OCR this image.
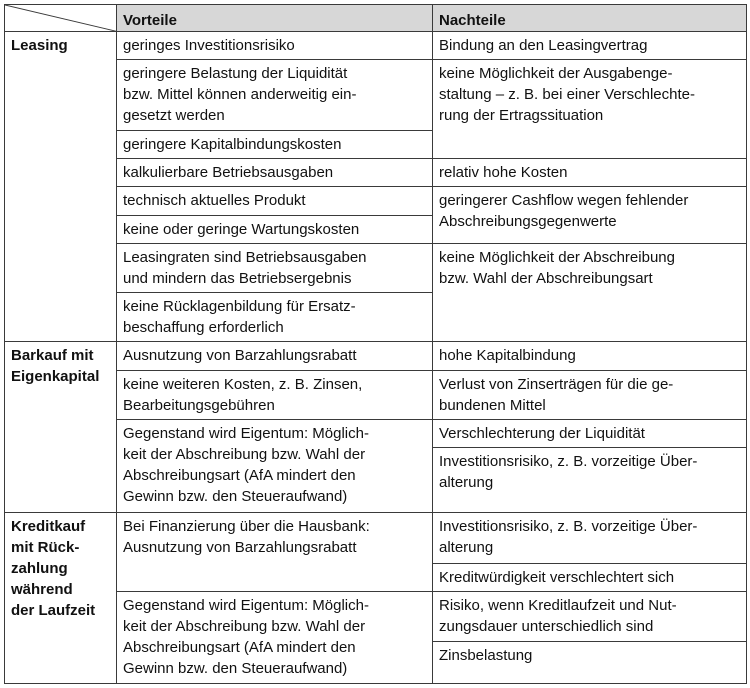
	Vorteile	Nachteile

Leasing	geringes Investitionsrisiko	Bindung an den Leasingvertrag

	geringere Belastung der Liquidität
bzw. Mittel können anderweitig ein-
gesetzt werden	keine Möglichkeit der Ausgabenge-
staltung – z. B. bei einer Verschlechte-
rung der Ertragssituation

	geringere Kapitalbindungskosten	

	kalkulierbare Betriebsausgaben	relativ hohe Kosten

	technisch aktuelles Produkt	geringerer Cashflow wegen fehlender
Abschreibungsgegenwerte

	keine oder geringe Wartungskosten	

	Leasingraten sind Betriebsausgaben
und mindern das Betriebsergebnis	keine Möglichkeit der Abschreibung
bzw. Wahl der Abschreibungsart

	keine Rücklagenbildung für Ersatz-
beschaffung erforderlich	

Barkauf mit
Eigenkapital	Ausnutzung von Barzahlungsrabatt	hohe Kapitalbindung

	keine weiteren Kosten, z. B. Zinsen,
Bearbeitungsgebühren	Verlust von Zinserträgen für die ge-
bundenen Mittel

	Gegenstand wird Eigentum: Möglich-
keit der Abschreibung bzw. Wahl der
Abschreibungsart (AfA mindert den
Gewinn bzw. den Steueraufwand)	Verschlechterung der Liquidität

		Investitionsrisiko, z. B. vorzeitige Über-
alterung

Kreditkauf
mit Rück-
zahlung
während
der Laufzeit	Bei Finanzierung über die Hausbank:
Ausnutzung von Barzahlungsrabatt	Investitionsrisiko, z. B. vorzeitige Über-
alterung

		Kreditwürdigkeit verschlechtert sich

	Gegenstand wird Eigentum: Möglich-
keit der Abschreibung bzw. Wahl der
Abschreibungsart (AfA mindert den
Gewinn bzw. den Steueraufwand)	Risiko, wenn Kreditlaufzeit und Nut-
zungsdauer unterschiedlich sind

		Zinsbelastung
